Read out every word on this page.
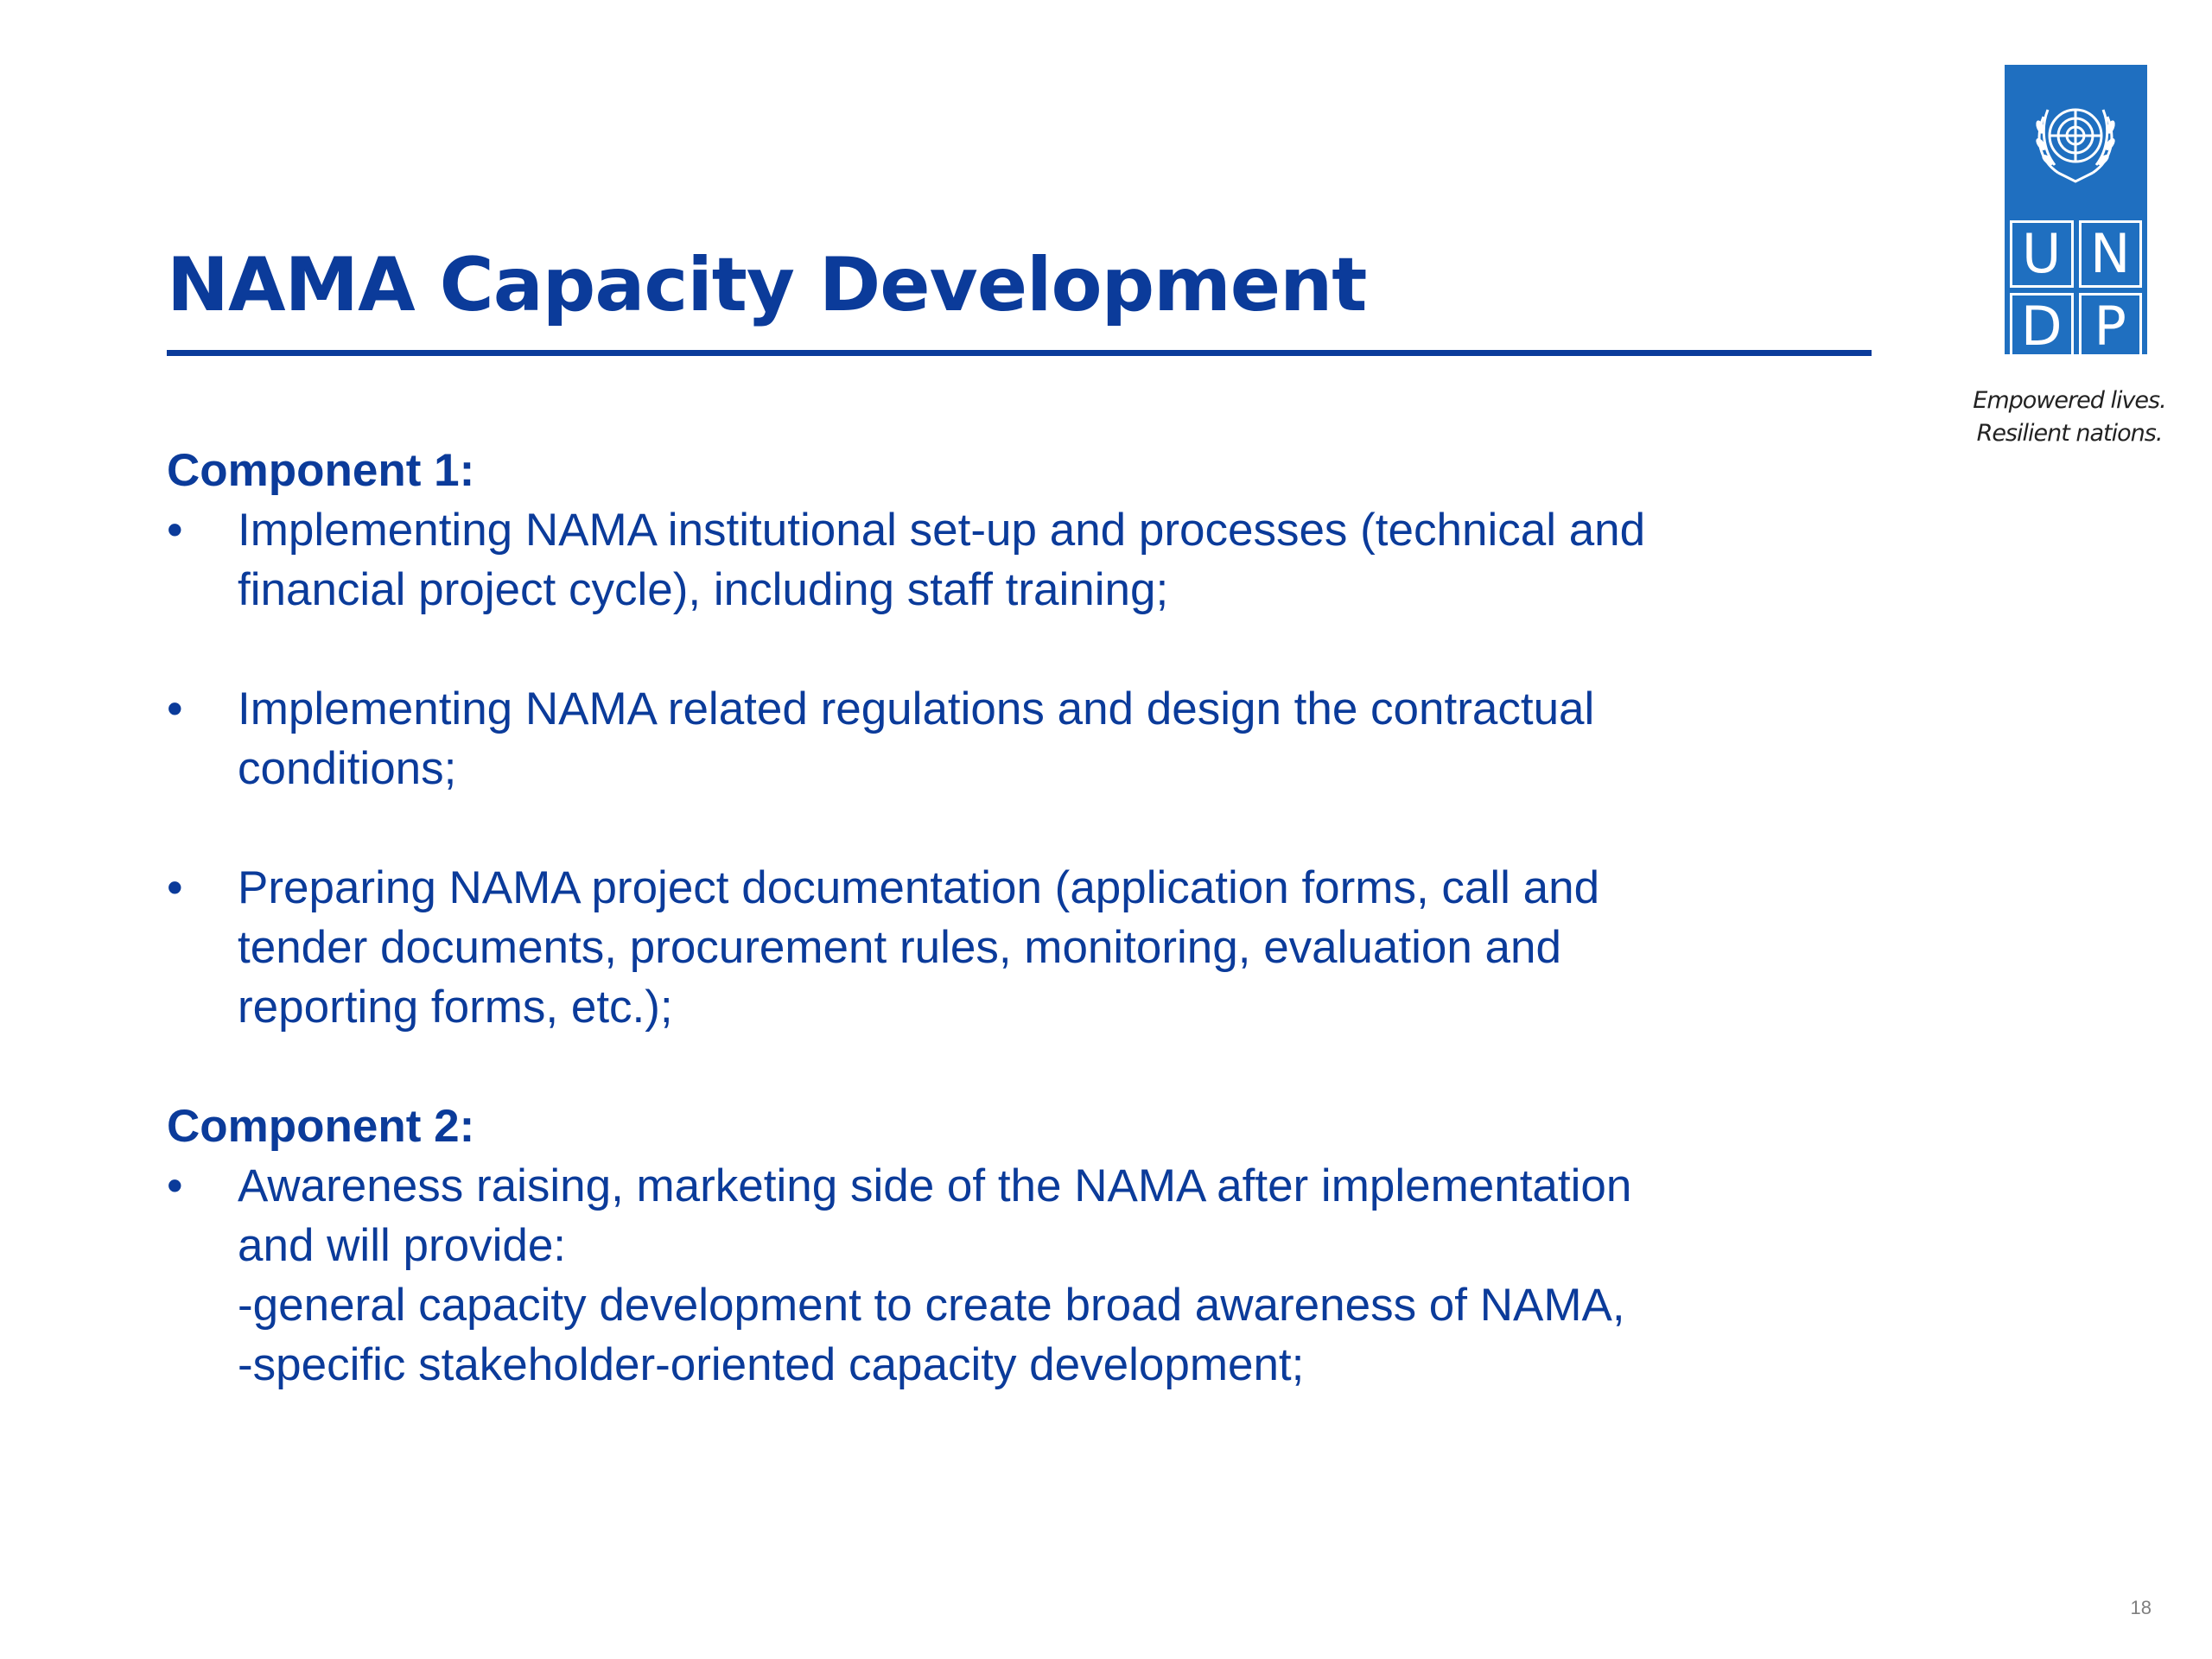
NAMA Capacity Development	U N
D P
Empowered lives.
Resilient nations.

Component 1:

•	Implementing NAMA institutional set-up and processes (technical and
financial project cycle), including staff training;
•	Implementing NAMA related regulations and design the contractual
conditions;
•	Preparing NAMA project documentation (application forms, call and
tender documents, procurement rules, monitoring, evaluation and
reporting forms, etc.);

Component 2:

•	Awareness raising, marketing side of the NAMA after implementation
and will provide:
-general capacity development to create broad awareness of NAMA,
-specific stakeholder-oriented capacity development;
18
